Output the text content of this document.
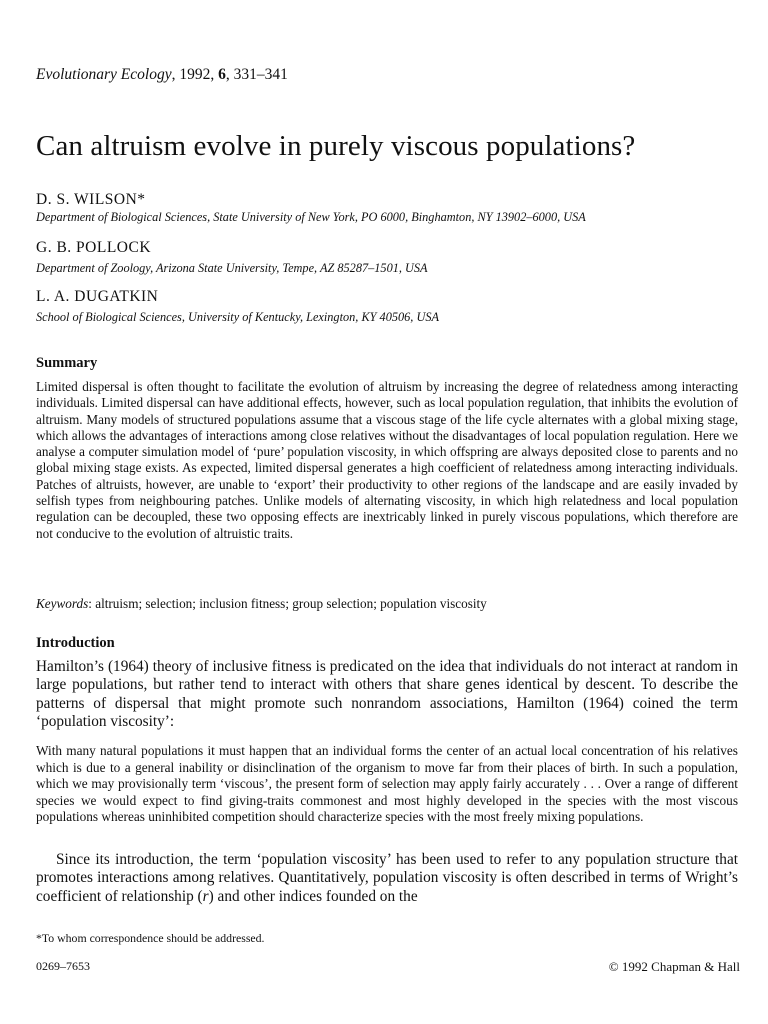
Evolutionary Ecology, 1992, 6, 331–341
Can altruism evolve in purely viscous populations?
D. S. WILSON*
Department of Biological Sciences, State University of New York, PO 6000, Binghamton, NY 13902–6000, USA
G. B. POLLOCK
Department of Zoology, Arizona State University, Tempe, AZ 85287–1501, USA
L. A. DUGATKIN
School of Biological Sciences, University of Kentucky, Lexington, KY 40506, USA
Summary
Limited dispersal is often thought to facilitate the evolution of altruism by increasing the degree of relatedness among interacting individuals. Limited dispersal can have additional effects, however, such as local population regulation, that inhibits the evolution of altruism. Many models of structured populations assume that a viscous stage of the life cycle alternates with a global mixing stage, which allows the advantages of interactions among close relatives without the disadvantages of local population regulation. Here we analyse a computer simulation model of ‘pure’ population viscosity, in which offspring are always deposited close to parents and no global mixing stage exists. As expected, limited dispersal generates a high coefficient of relatedness among interacting individuals. Patches of altruists, however, are unable to ‘export’ their productivity to other regions of the landscape and are easily invaded by selfish types from neighbouring patches. Unlike models of alternating viscosity, in which high relatedness and local population regulation can be decoupled, these two opposing effects are inextricably linked in purely viscous populations, which therefore are not conducive to the evolution of altruistic traits.
Keywords: altruism; selection; inclusion fitness; group selection; population viscosity
Introduction
Hamilton’s (1964) theory of inclusive fitness is predicated on the idea that individuals do not interact at random in large populations, but rather tend to interact with others that share genes identical by descent. To describe the patterns of dispersal that might promote such nonrandom associations, Hamilton (1964) coined the term ‘population viscosity’:
With many natural populations it must happen that an individual forms the center of an actual local concentration of his relatives which is due to a general inability or disinclination of the organism to move far from their places of birth. In such a population, which we may provisionally term ‘viscous’, the present form of selection may apply fairly accurately . . . Over a range of different species we would expect to find giving-traits commonest and most highly developed in the species with the most viscous populations whereas uninhibited competition should characterize species with the most freely mixing populations.
Since its introduction, the term ‘population viscosity’ has been used to refer to any population structure that promotes interactions among relatives. Quantitatively, population viscosity is often described in terms of Wright’s coefficient of relationship (r) and other indices founded on the
*To whom correspondence should be addressed.
0269–7653	© 1992 Chapman & Hall
